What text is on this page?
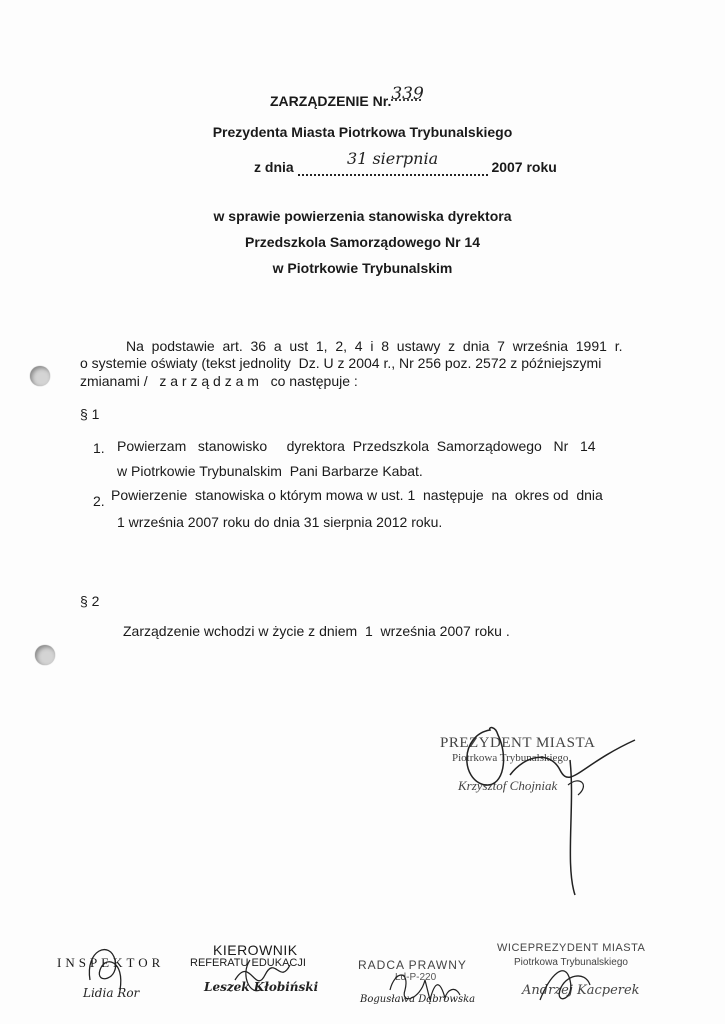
ZARZĄDZENIE Nr.339
Prezydenta Miasta Piotrkowa Trybunalskiego
z dnia	31 sierpnia	2007 roku
w sprawie powierzenia stanowiska dyrektora
Przedszkola Samorządowego Nr 14
w Piotrkowie Trybunalskim
Na  podstawie  art.  36  a  ust  1,  2,  4  i  8  ustawy  z  dnia  7  września  1991  r.
o systemie oświaty (tekst jednolity  Dz. U z 2004 r., Nr 256 poz. 2572 z późniejszymi
zmianami /   z a r z ą d z a m   co następuje :
§ 1
1. Powierzam   stanowisko     dyrektora  Przedszkola  Samorządowego   Nr   14
w Piotrkowie Trybunalskim  Pani Barbarze Kabat.
2. Powierzenie  stanowiska o którym mowa w ust. 1  następuje  na  okres od  dnia
1 września 2007 roku do dnia 31 sierpnia 2012 roku.
§ 2
Zarządzenie wchodzi w życie z dniem  1  września 2007 roku .
PREZYDENT MIASTA
Piotrkowa Trybunalskiego
Krzysztof Chojniak
INSPEKTOR
Lidia Ror
KIEROWNIK
REFERATU EDUKACJI
Leszek Kłobiński
RADCA PRAWNY
Łd-P-220
Bogusława Dąbrowska
WICEPREZYDENT MIASTA
Piotrkowa Trybunalskiego
Andrzej Kacperek
